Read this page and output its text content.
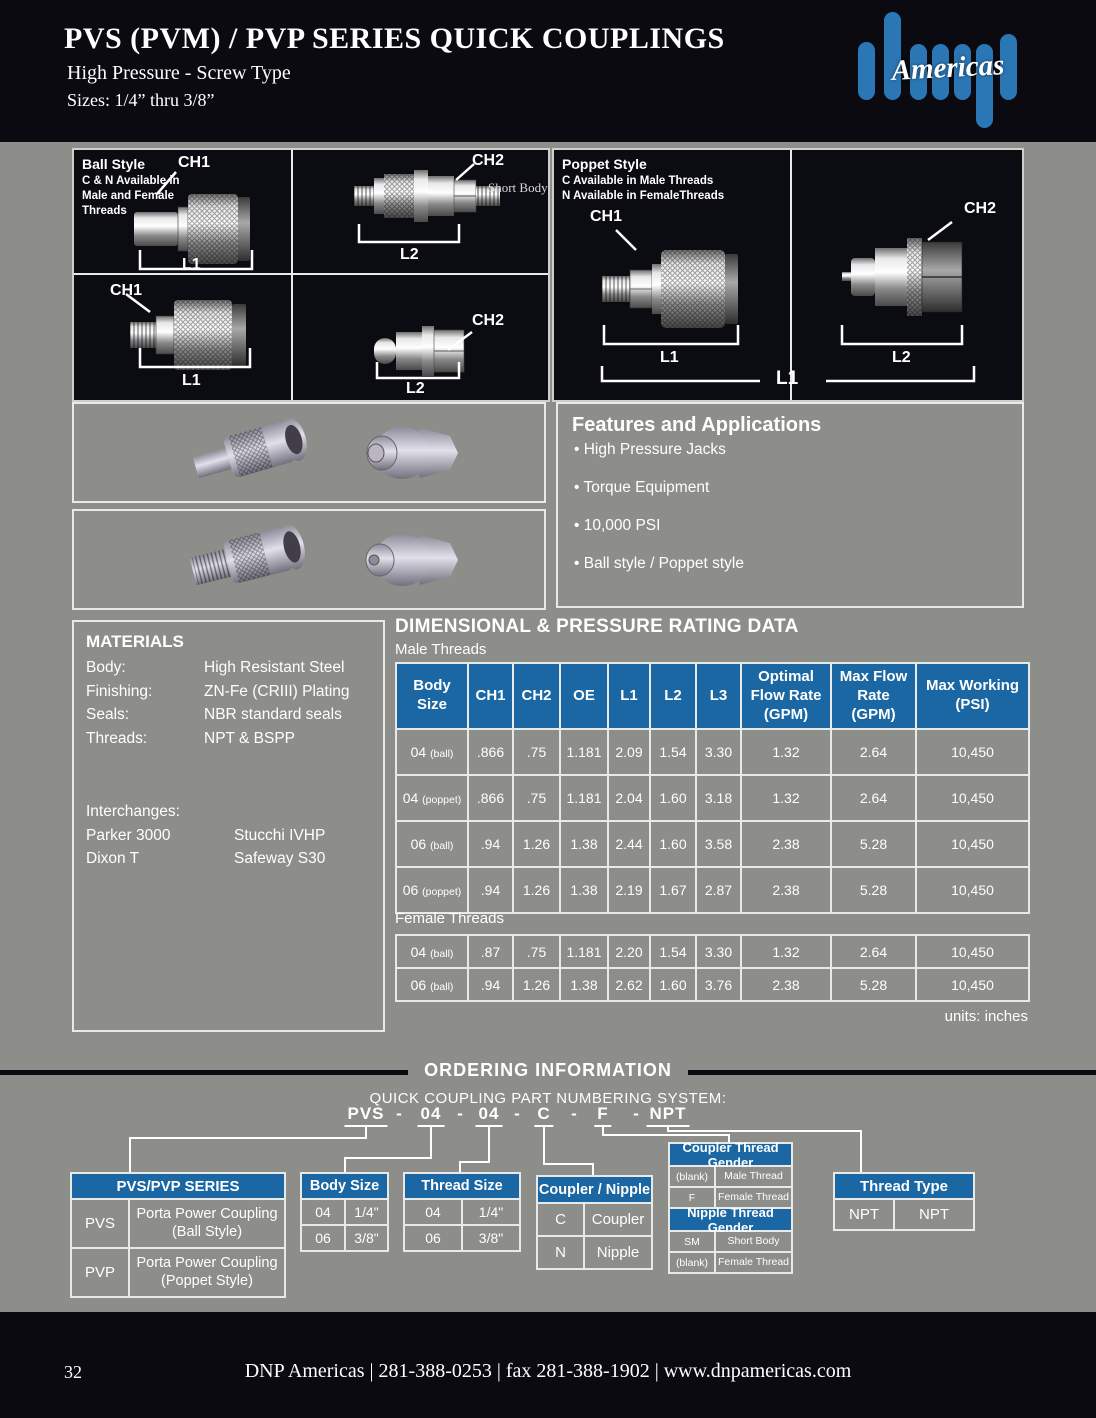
PVS (PVM) / PVP SERIES QUICK COUPLINGS
High Pressure - Screw Type
Sizes: 1/4” thru 3/8”
Americas
Ball Style
C & N Available in Male and Female Threads
CH1
L1
CH2
Short Body
L2
CH1
L1
CH2
L2
Poppet Style
C Available in Male Threads
N Available in FemaleThreads
CH1
L1
CH2
L2
L1
Features and Applications
• High Pressure Jacks
• Torque Equipment
• 10,000 PSI
• Ball style / Poppet style
MATERIALS
Body:	High Resistant Steel
Finishing:	ZN-Fe (CRIII) Plating
Seals:	NBR standard seals
Threads:	NPT & BSPP
Interchanges:
Parker 3000	Stucchi IVHP
Dixon T	Safeway S30
DIMENSIONAL & PRESSURE RATING DATA
Male Threads
Body Size	CH1	CH2	OE	L1	L2	L3	Optimal Flow Rate (GPM)	Max Flow Rate (GPM)	Max Working (PSI)
04 (ball)	.866	.75	1.181	2.09	1.54	3.30	1.32	2.64	10,450
04 (poppet)	.866	.75	1.181	2.04	1.60	3.18	1.32	2.64	10,450
06 (ball)	.94	1.26	1.38	2.44	1.60	3.58	2.38	5.28	10,450
06 (poppet)	.94	1.26	1.38	2.19	1.67	2.87	2.38	5.28	10,450
Female Threads
04 (ball)	.87	.75	1.181	2.20	1.54	3.30	1.32	2.64	10,450
06 (ball)	.94	1.26	1.38	2.62	1.60	3.76	2.38	5.28	10,450
units: inches
ORDERING INFORMATION
QUICK COUPLING PART NUMBERING SYSTEM:
PVS 04 04 C	F NPT
-	-	-	-	-
PVS/PVP SERIES
PVS
Porta Power Coupling (Ball Style)
PVP
Porta Power Coupling (Poppet Style)
Body Size
04	1/4"
06	3/8"
Thread Size
04	1/4"
06	3/8"
Coupler / Nipple
C	Coupler
N	Nipple
Coupler Thread Gender
(blank)	Male Thread
F	Female Thread
Nipple Thread Gender
SM	Short Body
(blank) Female Thread
Thread Type
NPT	NPT
32	DNP Americas | 281-388-0253 | fax 281-388-1902 | www.dnpamericas.com
